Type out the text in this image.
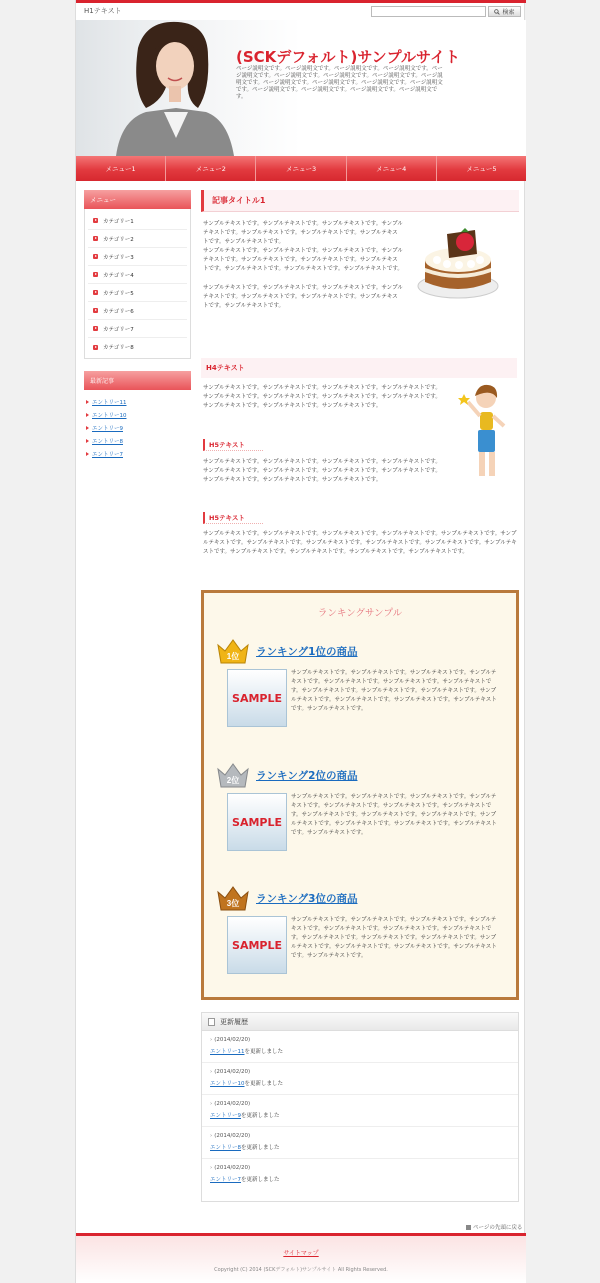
H1テキスト	検索
(SCKデフォルト)サンプルサイト
ページ説明文です。ページ説明文です。ページ説明文です。ページ説明文です。ページ説明文です。ページ説明文です。ページ説明文です。ページ説明文です。ページ説明文です。ページ説明文です。ページ説明文です。ページ説明文です。ページ説明文です。ページ説明文です。ページ説明文です。ページ説明文です。ページ説明文です。
メニュー1	メニュー2	メニュー3	メニュー4	メニュー5
メニュー
カテゴリー1
カテゴリー2
カテゴリー3
カテゴリー4
カテゴリー5
カテゴリー6
カテゴリー7
カテゴリー8
最新記事
エントリー11
エントリー10
エントリー9
エントリー8
エントリー7
記事タイトル1
サンプルテキストです。サンプルテキストです。サンプルテキストです。サンプルテキストです。サンプルテキストです。サンプルテキストです。サンプルテキストです。サンプルテキストです。
サンプルテキストです。サンプルテキストです。サンプルテキストです。サンプルテキストです。サンプルテキストです。サンプルテキストです。サンプルテキストです。サンプルテキストです。サンプルテキストです。サンプルテキストです。
サンプルテキストです。サンプルテキストです。サンプルテキストです。サンプルテキストです。サンプルテキストです。サンプルテキストです。サンプルテキストです。サンプルテキストです。
H4テキスト
サンプルテキストです。サンプルテキストです。サンプルテキストです。サンプルテキストです。サンプルテキストです。サンプルテキストです。サンプルテキストです。サンプルテキストです。サンプルテキストです。サンプルテキストです。サンプルテキストです。
H5テキスト
サンプルテキストです。サンプルテキストです。サンプルテキストです。サンプルテキストです。サンプルテキストです。サンプルテキストです。サンプルテキストです。サンプルテキストです。サンプルテキストです。サンプルテキストです。サンプルテキストです。
H5テキスト
サンプルテキストです。サンプルテキストです。サンプルテキストです。サンプルテキストです。サンプルテキストです。サンプルテキストです。サンプルテキストです。サンプルテキストです。サンプルテキストです。サンプルテキストです。サンプルテキストです。サンプルテキストです。サンプルテキストです。サンプルテキストです。サンプルテキストです。
ランキングサンプル
1位 ランキング1位の商品
SAMPLE
サンプルテキストです。サンプルテキストです。サンプルテキストです。サンプルテキストです。サンプルテキストです。サンプルテキストです。サンプルテキストです。サンプルテキストです。サンプルテキストです。サンプルテキストです。サンプルテキストです。サンプルテキストです。サンプルテキストです。サンプルテキストです。サンプルテキストです。
2位 ランキング2位の商品
SAMPLE
サンプルテキストです。サンプルテキストです。サンプルテキストです。サンプルテキストです。サンプルテキストです。サンプルテキストです。サンプルテキストです。サンプルテキストです。サンプルテキストです。サンプルテキストです。サンプルテキストです。サンプルテキストです。サンプルテキストです。サンプルテキストです。サンプルテキストです。
3位 ランキング3位の商品
SAMPLE
サンプルテキストです。サンプルテキストです。サンプルテキストです。サンプルテキストです。サンプルテキストです。サンプルテキストです。サンプルテキストです。サンプルテキストです。サンプルテキストです。サンプルテキストです。サンプルテキストです。サンプルテキストです。サンプルテキストです。サンプルテキストです。サンプルテキストです。
更新履歴
› (2014/02/20)
エントリー11を更新しました
› (2014/02/20)
エントリー10を更新しました
› (2014/02/20)
エントリー9を更新しました
› (2014/02/20)
エントリー8を更新しました
› (2014/02/20)
エントリー7を更新しました
ページの先頭に戻る
サイトマップ
Copyright (C) 2014 (SCKデフォルト)サンプルサイト All Rights Reserved.
